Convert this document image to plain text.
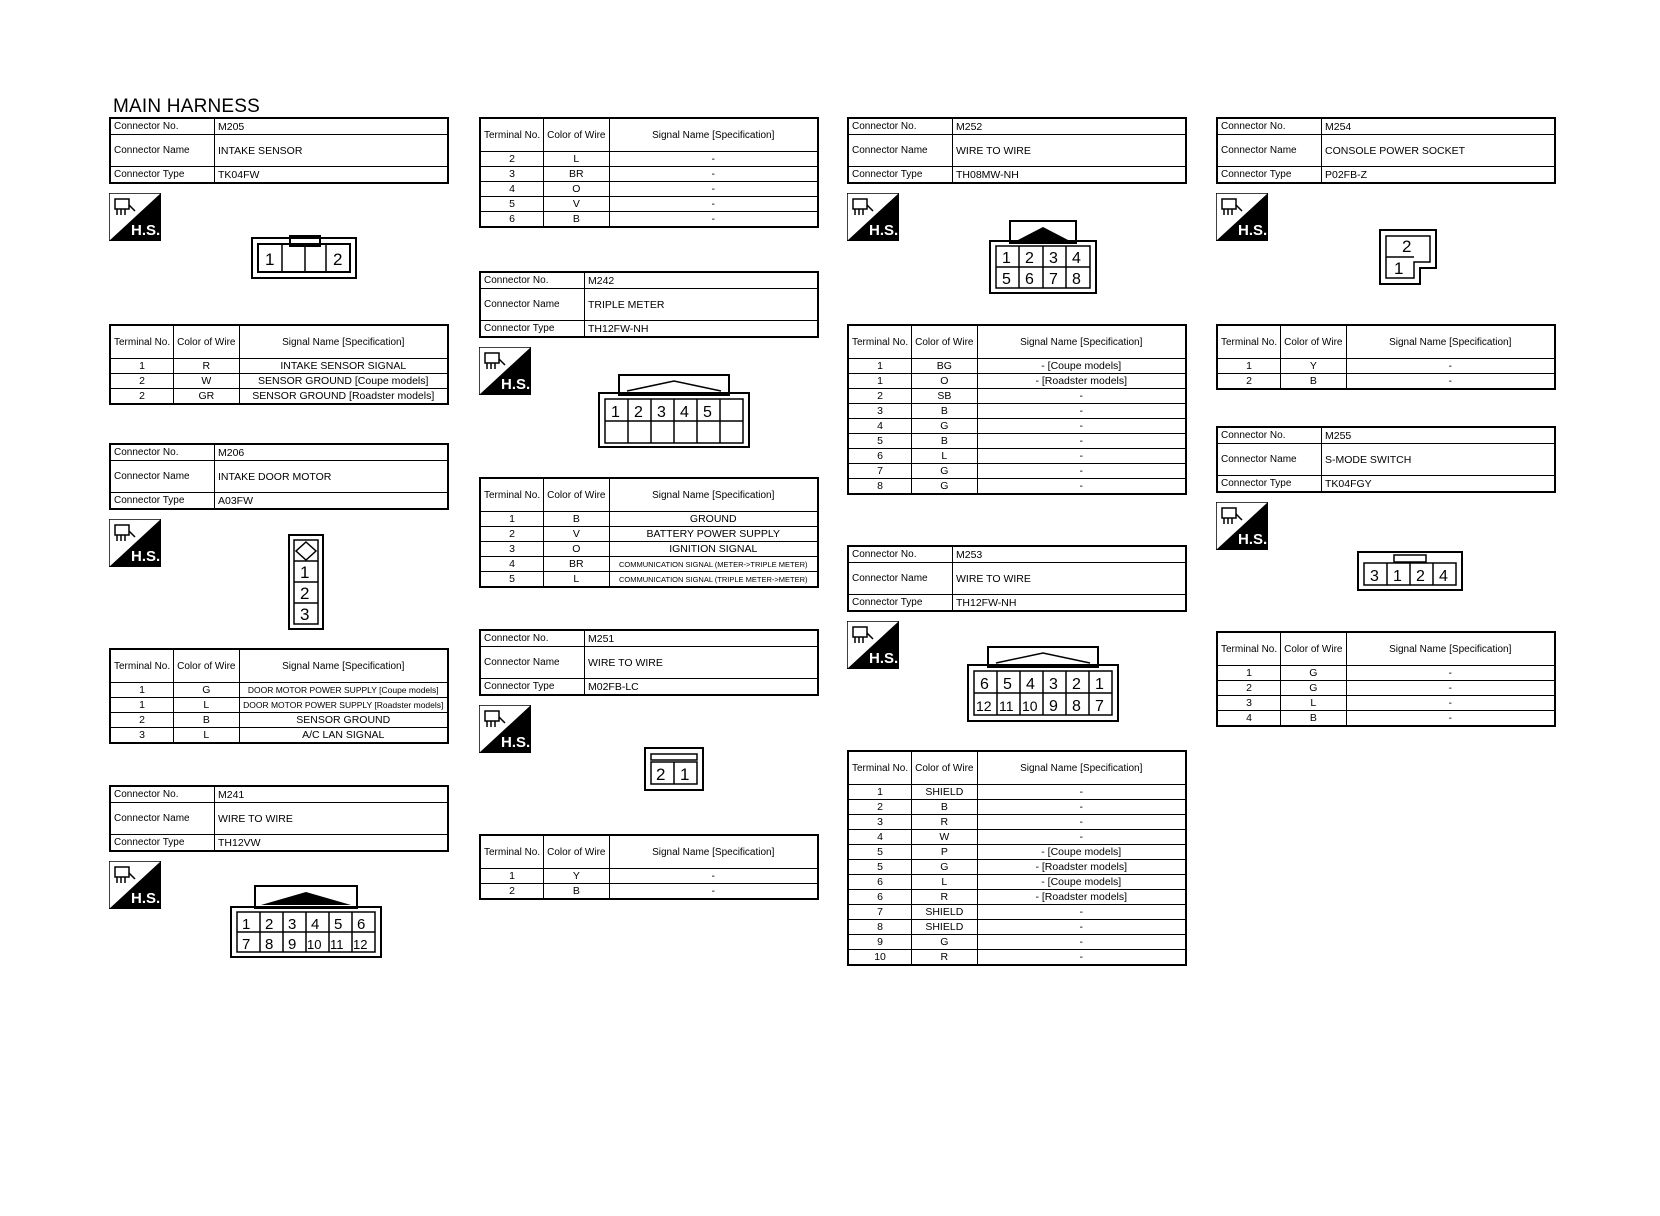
MAIN HARNESS
Connector No.	M205
Connector Name	INTAKE SENSOR
Connector Type	TK04FW
H.S.
1	2
Terminal No.	Color of Wire	Signal Name [Specification]
1	R	INTAKE SENSOR SIGNAL
2	W	SENSOR GROUND [Coupe models]
2	GR	SENSOR GROUND [Roadster models]
Connector No.	M206
Connector Name	INTAKE DOOR MOTOR
Connector Type	A03FW
H.S.
1
2
3
Terminal No.	Color of Wire	Signal Name [Specification]
1	G	DOOR MOTOR POWER SUPPLY [Coupe models]
1	L	DOOR MOTOR POWER SUPPLY [Roadster models]
2	B	SENSOR GROUND
3	L	A/C LAN SIGNAL
Connector No.	M241
Connector Name	WIRE TO WIRE
Connector Type	TH12VW
H.S.
1 2 3 4 5 6
7 8 9 10 11 12
Terminal No.	Color of Wire	Signal Name [Specification]
2	L	-
3	BR	-
4	O	-
5	V	-
6	B	-
Connector No.	M242
Connector Name	TRIPLE METER
Connector Type	TH12FW-NH
H.S.
1 2 3 4 5
Terminal No.	Color of Wire	Signal Name [Specification]
1	B	GROUND
2	V	BATTERY POWER SUPPLY
3	O	IGNITION SIGNAL
4	BR	COMMUNICATION SIGNAL (METER->TRIPLE METER)
5	L	COMMUNICATION SIGNAL (TRIPLE METER->METER)
Connector No.	M251
Connector Name	WIRE TO WIRE
Connector Type	M02FB-LC
H.S.
2 1
Terminal No.	Color of Wire	Signal Name [Specification]
1	Y	-
2	B	-
Connector No.	M252
Connector Name	WIRE TO WIRE
Connector Type	TH08MW-NH
H.S.
1 2 3 4
5 6 7 8
Terminal No.	Color of Wire	Signal Name [Specification]
1	BG	- [Coupe models]
1	O	- [Roadster models]
2	SB	-
3	B	-
4	G	-
5	B	-
6	L	-
7	G	-
8	G	-
Connector No.	M253
Connector Name	WIRE TO WIRE
Connector Type	TH12FW-NH
H.S.
6 5 4 3 2 1
12 11 10 9 8 7
Terminal No.	Color of Wire	Signal Name [Specification]
1	SHIELD	-
2	B	-
3	R	-
4	W	-
5	P	- [Coupe models]
5	G	- [Roadster models]
6	L	- [Coupe models]
6	R	- [Roadster models]
7	SHIELD	-
8	SHIELD	-
9	G	-
10	R	-
Connector No.	M254
Connector Name	CONSOLE POWER SOCKET
Connector Type	P02FB-Z
H.S.
2
1
Terminal No.	Color of Wire	Signal Name [Specification]
1	Y	-
2	B	-
Connector No.	M255
Connector Name	S-MODE SWITCH
Connector Type	TK04FGY
H.S.
3 1 2 4
Terminal No.	Color of Wire	Signal Name [Specification]
1	G	-
2	G	-
3	L	-
4	B	-
